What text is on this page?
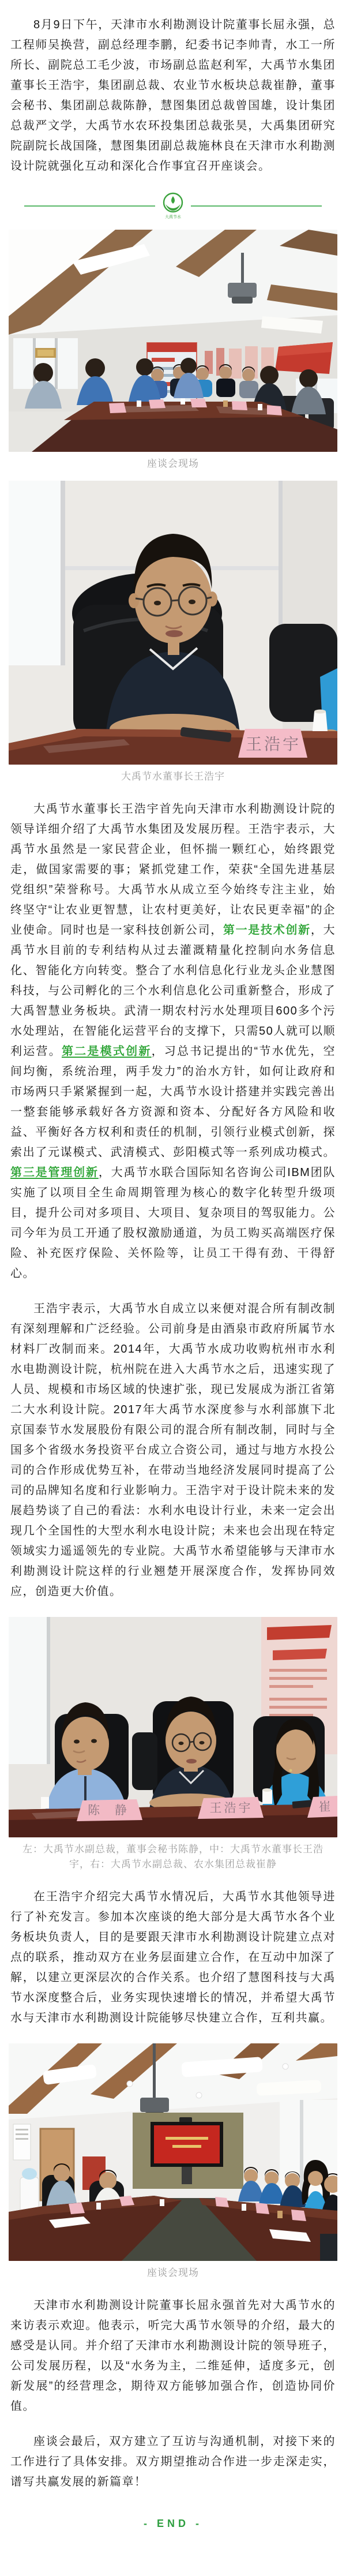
8月9日下午，天津市水利勘测设计院董事长屈永强，总工程师吴换营，副总经理李鹏，纪委书记李帅青，水工一所所长、副院总工毛少波，市场副总监赵利军，大禹节水集团董事长王浩宇，集团副总裁、农业节水板块总裁崔静，董事会秘书、集团副总裁陈静，慧图集团总裁曾国雄，设计集团总裁严文学，大禹节水农环投集团总裁张昊，大禹集团研究院副院长战国隆，慧图集团副总裁施林良在天津市水利勘测设计院就强化互动和深化合作事宜召开座谈会。

大禹节水
座谈会现场
王浩宇
大禹节水董事长王浩宇

大禹节水董事长王浩宇首先向天津市水利勘测设计院的领导详细介绍了大禹节水集团及发展历程。王浩宇表示，大禹节水虽然是一家民营企业，但怀揣一颗红心，始终跟党走，做国家需要的事；紧抓党建工作，荣获“全国先进基层党组织”荣誉称号。大禹节水从成立至今始终专注主业，始终坚守“让农业更智慧，让农村更美好，让农民更幸福”的企业使命。同时也是一家科技创新公司，第一是技术创新，大禹节水目前的专利结构从过去灌溉精量化控制向水务信息化、智能化方向转变。整合了水利信息化行业龙头企业慧图科技，与公司孵化的三个水利信息化公司重新整合，形成了大禹智慧业务板块。武清一期农村污水处理项目600多个污水处理站，在智能化运营平台的支撑下，只需50人就可以顺利运营。第二是模式创新，习总书记提出的“节水优先，空间均衡，系统治理，两手发力”的治水方针，如何让政府和市场两只手紧紧握到一起，大禹节水设计搭建并实践完善出一整套能够承载好各方资源和资本、分配好各方风险和收益、平衡好各方权利和责任的机制，引领行业模式创新，探索出了元谋模式、武清模式、彭阳模式等一系列成功模式。第三是管理创新，大禹节水联合国际知名咨询公司IBM团队实施了以项目全生命周期管理为核心的数字化转型升级项目，提升公司对多项目、大项目、复杂项目的驾驭能力。公司今年为员工开通了股权激励通道，为员工购买高端医疗保险、补充医疗保险、关怀险等，让员工干得有劲、干得舒心。

王浩宇表示，大禹节水自成立以来便对混合所有制改制有深刻理解和广泛经验。公司前身是由酒泉市政府所属节水材料厂改制而来。2014年，大禹节水成功收购杭州市水利水电勘测设计院，杭州院在进入大禹节水之后，迅速实现了人员、规模和市场区域的快速扩张，现已发展成为浙江省第二大水利设计院。2017年大禹节水深度参与水利部旗下北京国泰节水发展股份有限公司的混合所有制改制，同时与全国多个省级水务投资平台成立合资公司，通过与地方水投公司的合作形成优势互补，在带动当地经济发展同时提高了公司的品牌知名度和行业影响力。王浩宇对于设计院未来的发展趋势谈了自己的看法：水利水电设计行业，未来一定会出现几个全国性的大型水利水电设计院；未来也会出现在特定领域实力遥遥领先的专业院。大禹节水希望能够与天津市水利勘测设计院这样的行业翘楚开展深度合作，发挥协同效应，创造更大价值。

陈 静	王浩宇	崔
左：大禹节水副总裁，董事会秘书陈静，中：大禹节水董事长王浩宇，右：大禹节水副总裁、农水集团总裁崔静

在王浩宇介绍完大禹节水情况后，大禹节水其他领导进行了补充发言。参加本次座谈的绝大部分是大禹节水各个业务板块负责人，目的是要跟天津市水利勘测设计院建立点对点的联系，推动双方在业务层面建立合作，在互动中加深了解，以建立更深层次的合作关系。也介绍了慧图科技与大禹节水深度整合后，业务实现快速增长的情况，并希望大禹节水与天津市水利勘测设计院能够尽快建立合作，互利共赢。

座谈会现场

天津市水利勘测设计院董事长屈永强首先对大禹节水的来访表示欢迎。他表示，听完大禹节水领导的介绍，最大的感受是认同。并介绍了天津市水利勘测设计院的领导班子，公司发展历程，以及“水务为主，二维延伸，适度多元，创新发展”的经营理念，期待双方能够加强合作，创造协同价值。

座谈会最后，双方建立了互访与沟通机制，对接下来的工作进行了具体安排。双方期望推动合作进一步走深走实，谱写共赢发展的新篇章！

- END -
